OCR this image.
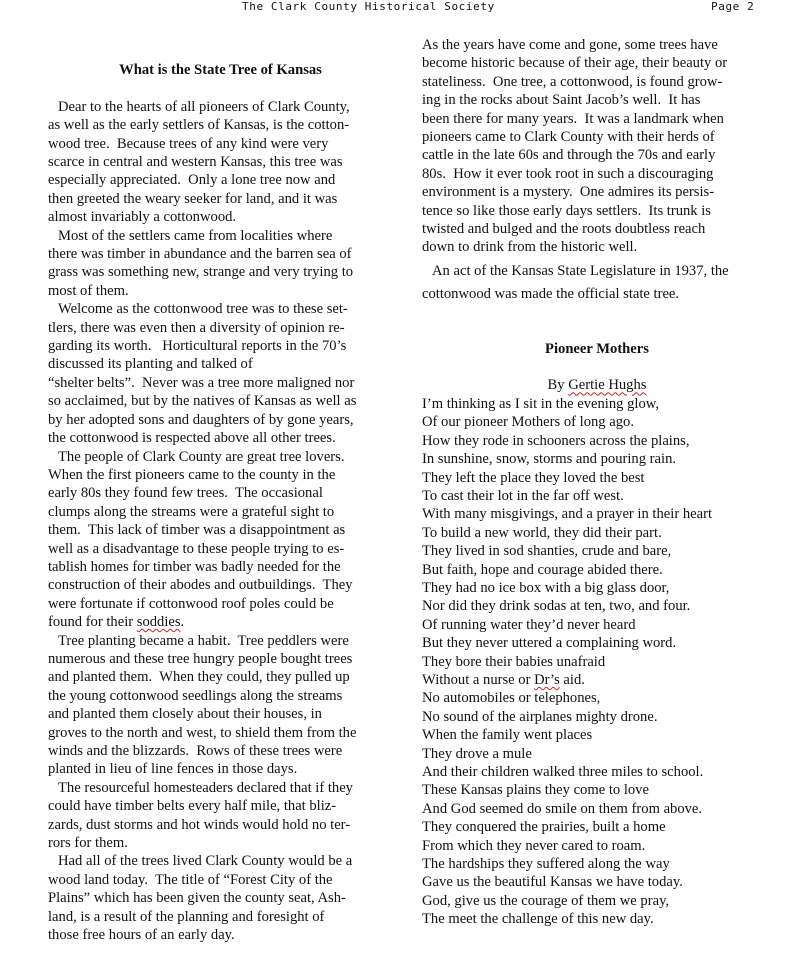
The Clark County Historical Society	Page 2
What is the State Tree of Kansas
Dear to the hearts of all pioneers of Clark County,
as well as the early settlers of Kansas, is the cotton-
wood tree.  Because trees of any kind were very
scarce in central and western Kansas, this tree was
especially appreciated.  Only a lone tree now and
then greeted the weary seeker for land, and it was
almost invariably a cottonwood.
Most of the settlers came from localities where
there was timber in abundance and the barren sea of
grass was something new, strange and very trying to
most of them.
Welcome as the cottonwood tree was to these set-
tlers, there was even then a diversity of opinion re-
garding its worth.   Horticultural reports in the 70’s
discussed its planting and talked of
“shelter belts”.  Never was a tree more maligned nor
so acclaimed, but by the natives of Kansas as well as
by her adopted sons and daughters of by gone years,
the cottonwood is respected above all other trees.
The people of Clark County are great tree lovers.
When the first pioneers came to the county in the
early 80s they found few trees.  The occasional
clumps along the streams were a grateful sight to
them.  This lack of timber was a disappointment as
well as a disadvantage to these people trying to es-
tablish homes for timber was badly needed for the
construction of their abodes and outbuildings.  They
were fortunate if cottonwood roof poles could be
found for their soddies.
Tree planting became a habit.  Tree peddlers were
numerous and these tree hungry people bought trees
and planted them.  When they could, they pulled up
the young cottonwood seedlings along the streams
and planted them closely about their houses, in
groves to the north and west, to shield them from the
winds and the blizzards.  Rows of these trees were
planted in lieu of line fences in those days.
The resourceful homesteaders declared that if they
could have timber belts every half mile, that bliz-
zards, dust storms and hot winds would hold no ter-
rors for them.
Had all of the trees lived Clark County would be a
wood land today.  The title of “Forest City of the
Plains” which has been given the county seat, Ash-
land, is a result of the planning and foresight of
those free hours of an early day.
As the years have come and gone, some trees have
become historic because of their age, their beauty or
stateliness.  One tree, a cottonwood, is found grow-
ing in the rocks about Saint Jacob’s well.  It has
been there for many years.  It was a landmark when
pioneers came to Clark County with their herds of
cattle in the late 60s and through the 70s and early
80s.  How it ever took root in such a discouraging
environment is a mystery.  One admires its persis-
tence so like those early days settlers.  Its trunk is
twisted and bulged and the roots doubtless reach
down to drink from the historic well.
An act of the Kansas State Legislature in 1937, the
cottonwood was made the official state tree.
Pioneer Mothers
By Gertie Hughs
I’m thinking as I sit in the evening glow,
Of our pioneer Mothers of long ago.
How they rode in schooners across the plains,
In sunshine, snow, storms and pouring rain.
They left the place they loved the best
To cast their lot in the far off west.
With many misgivings, and a prayer in their heart
To build a new world, they did their part.
They lived in sod shanties, crude and bare,
But faith, hope and courage abided there.
They had no ice box with a big glass door,
Nor did they drink sodas at ten, two, and four.
Of running water they’d never heard
But they never uttered a complaining word.
They bore their babies unafraid
Without a nurse or Dr’s aid.
No automobiles or telephones,
No sound of the airplanes mighty drone.
When the family went places
They drove a mule
And their children walked three miles to school.
These Kansas plains they come to love
And God seemed do smile on them from above.
They conquered the prairies, built a home
From which they never cared to roam.
The hardships they suffered along the way
Gave us the beautiful Kansas we have today.
God, give us the courage of them we pray,
The meet the challenge of this new day.
